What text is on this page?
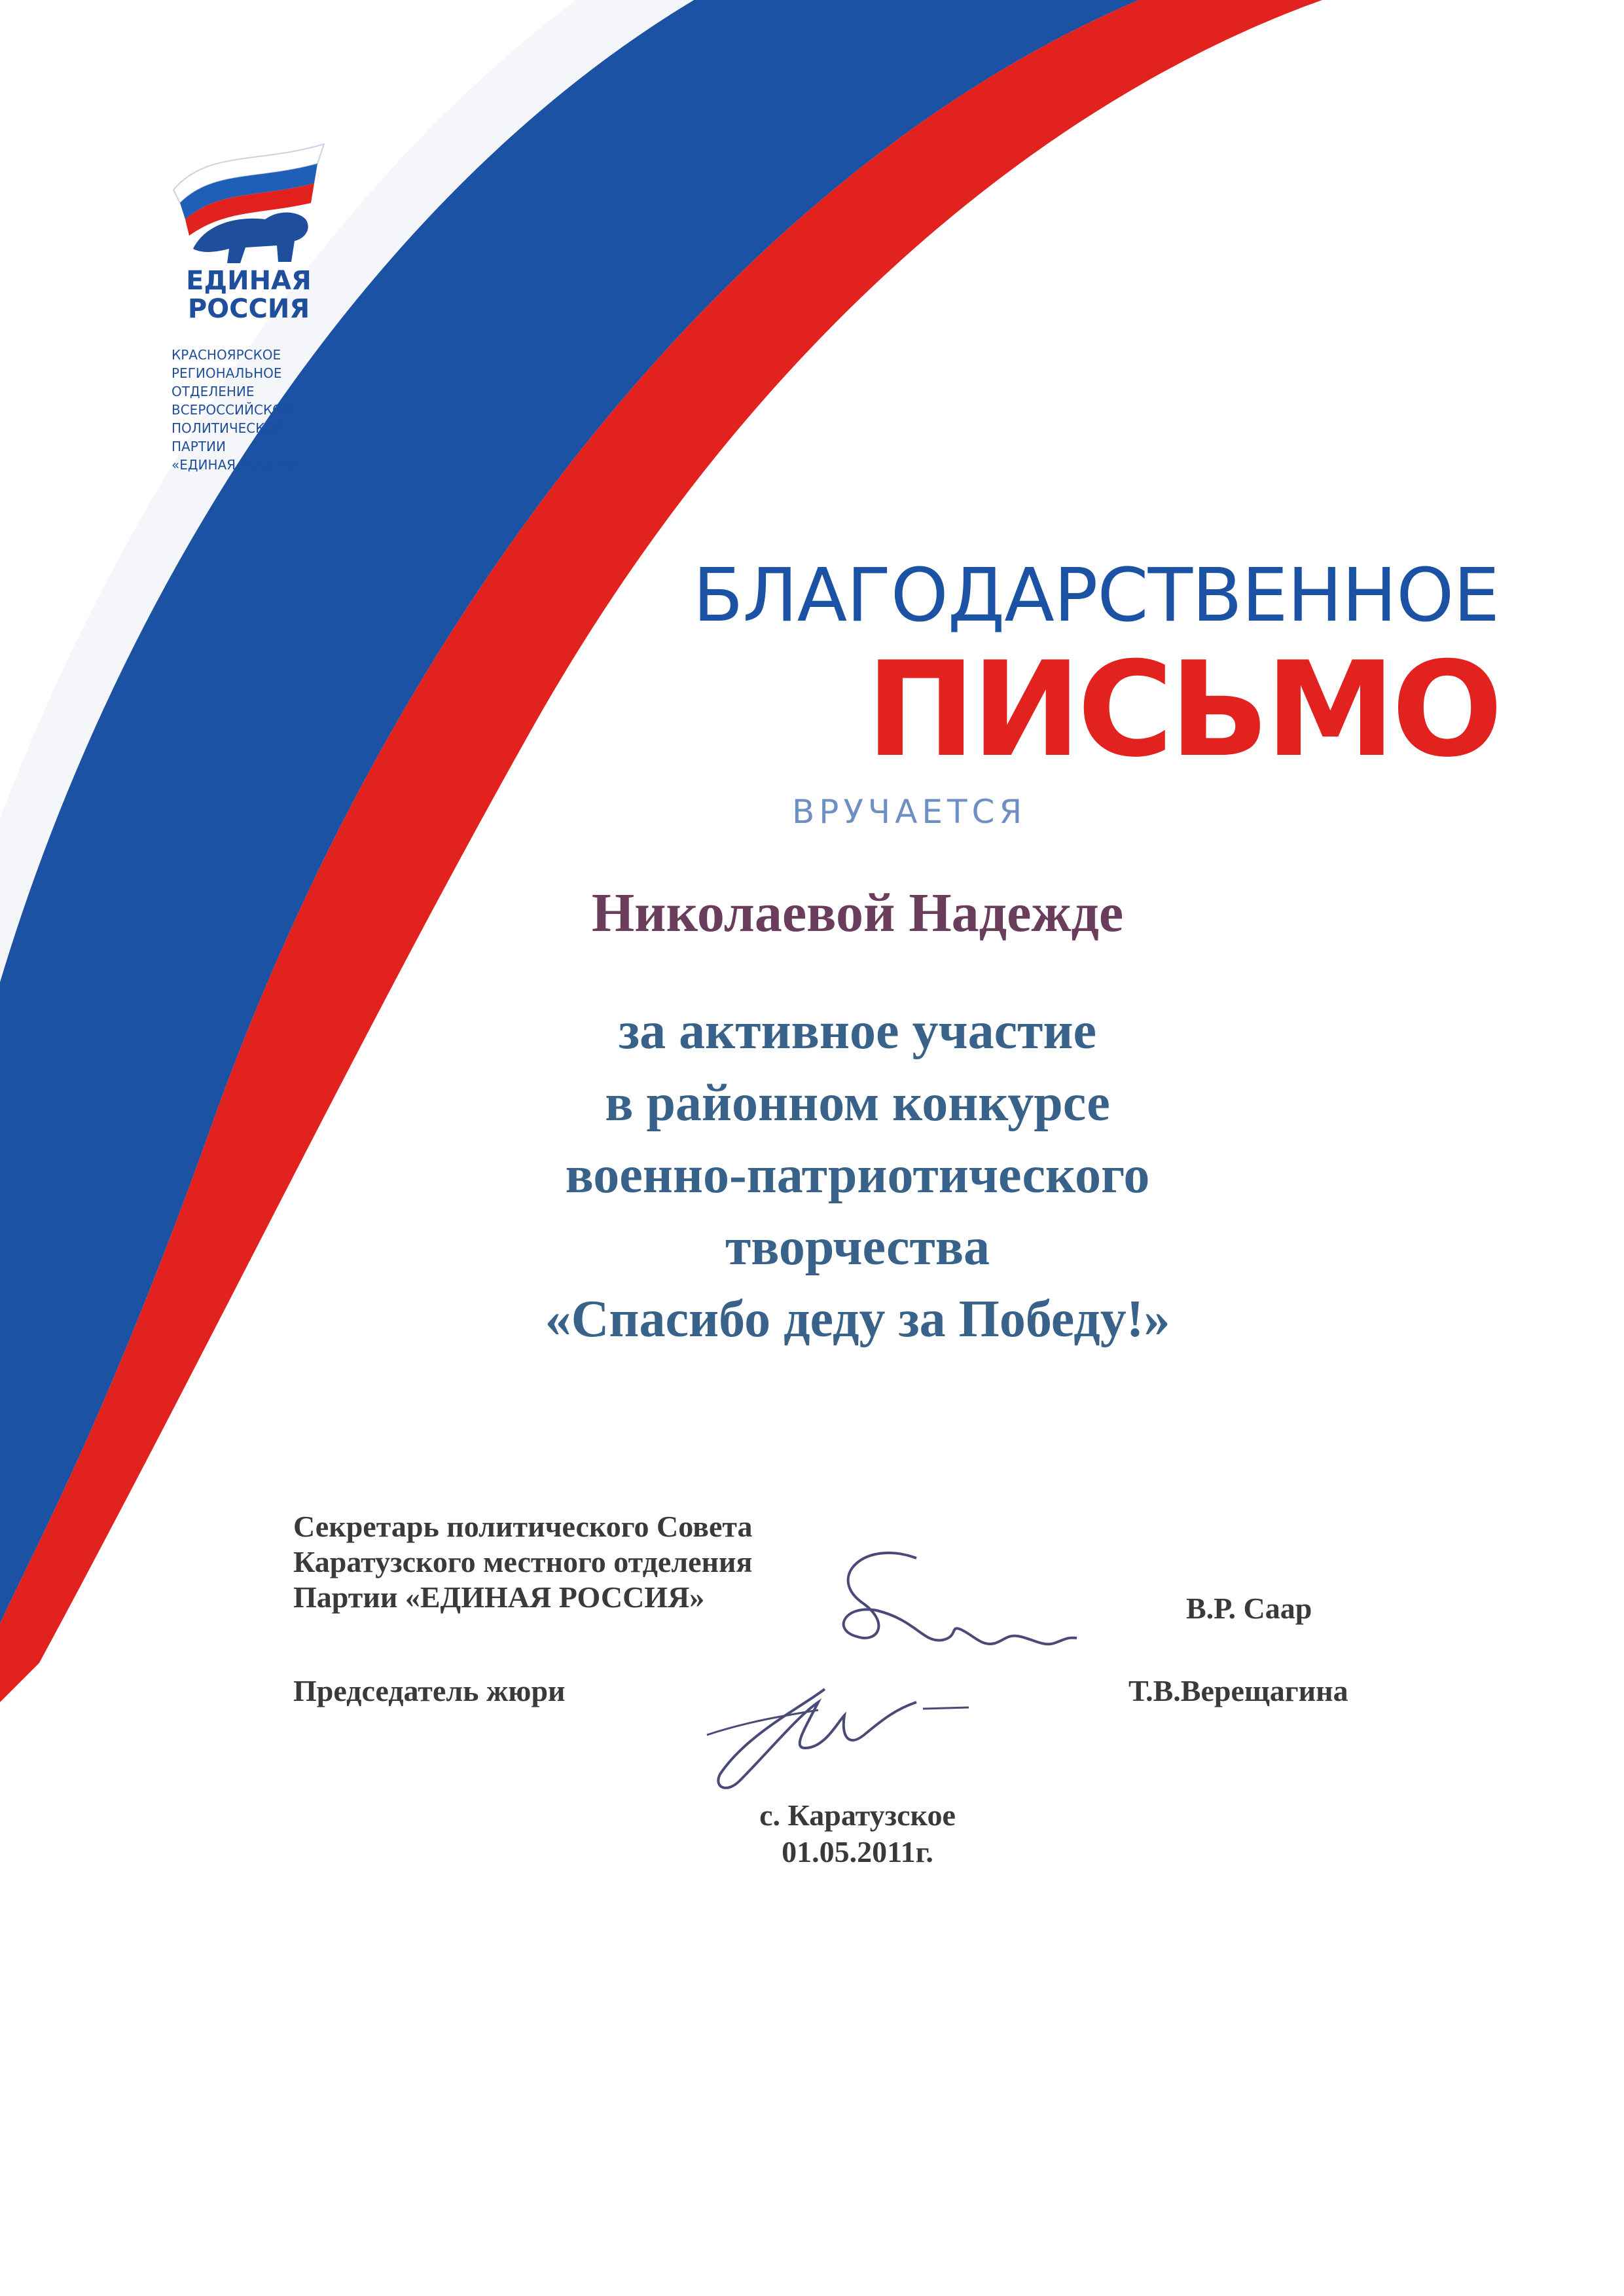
ЕДИНАЯ
РОССИЯ
КРАСНОЯРСКОЕ
РЕГИОНАЛЬНОЕ
ОТДЕЛЕНИЕ
ВСЕРОССИЙСКОЙ
ПОЛИТИЧЕСКОЙ
ПАРТИИ
«ЕДИНАЯ РОССИЯ»
БЛАГОДАРСТВЕННОЕ
ПИСЬМО
ВРУЧАЕТСЯ
Николаевой Надежде
за активное участие
в районном конкурсе
военно-патриотического
творчества
«Спасибо деду за Победу!»
Секретарь политического Совета
Каратузского местного отделения
Партии «ЕДИНАЯ РОССИЯ»	В.Р. Саар
Председатель жюри	Т.В.Верещагина
с. Каратузское
01.05.2011г.
